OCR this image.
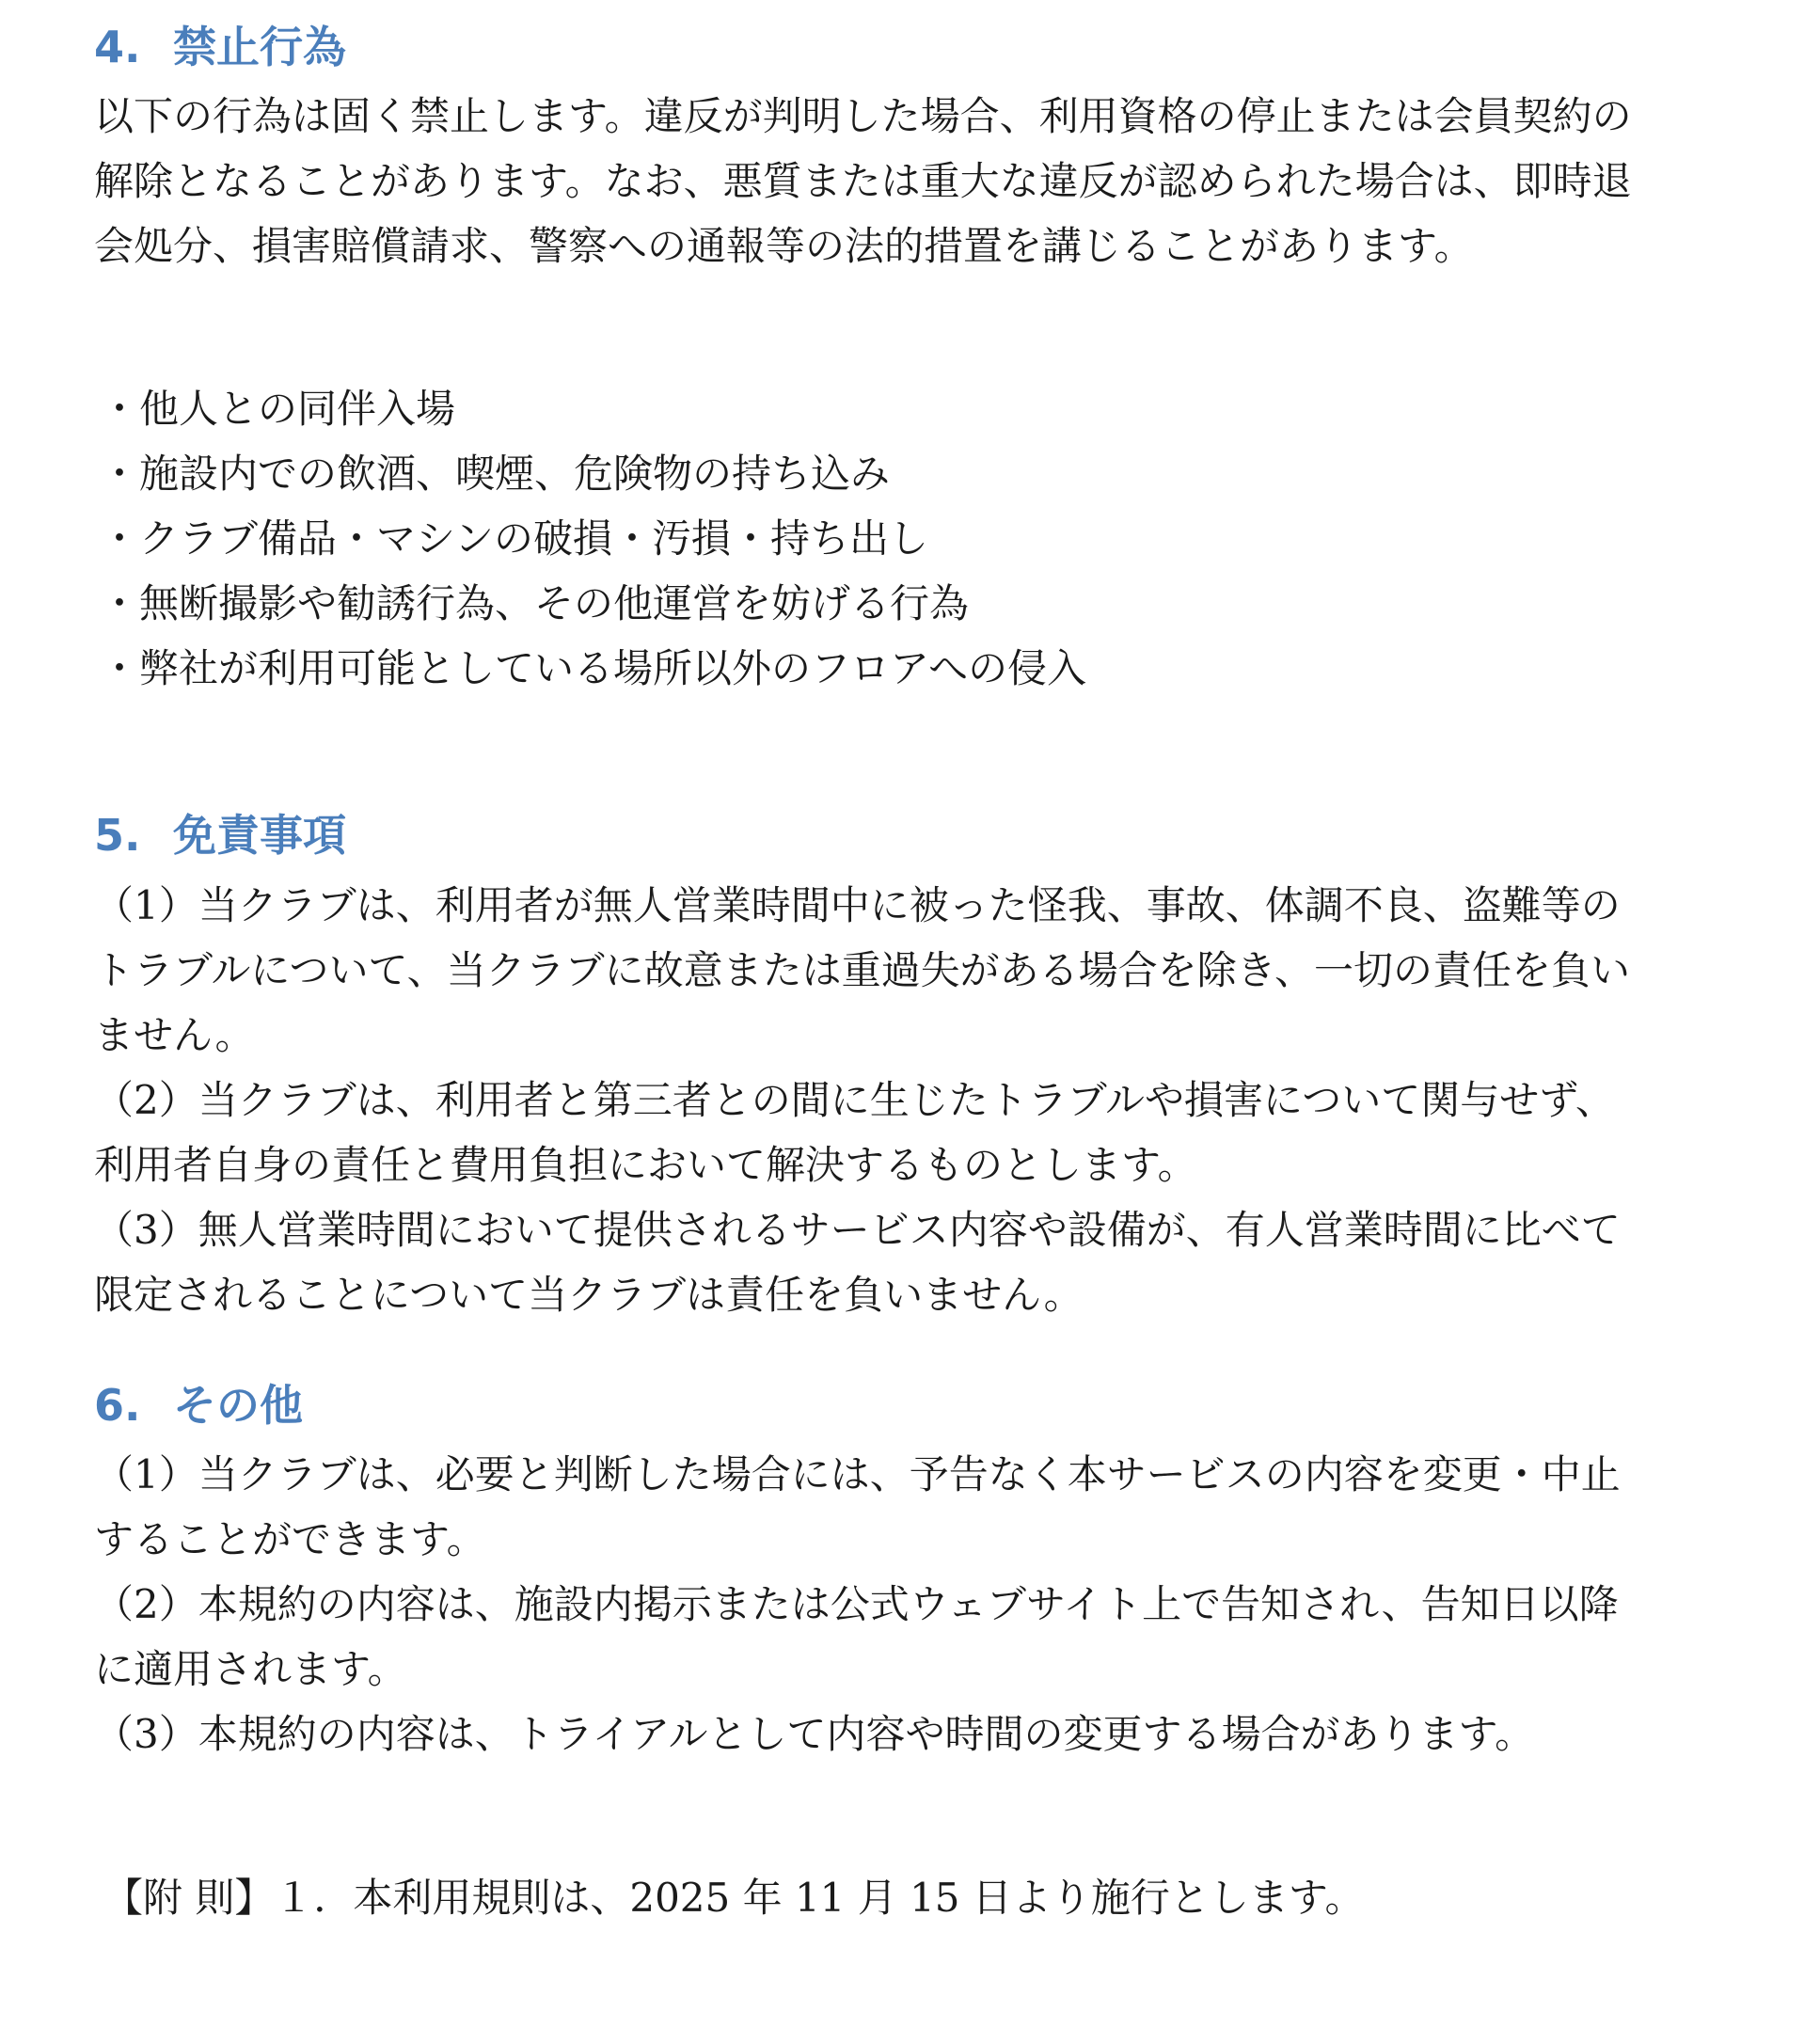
4. 禁止行為

以下の行為は固く禁止します。違反が判明した場合、利用資格の停止または会員契約の

解除となることがあります。なお、悪質または重大な違反が認められた場合は、即時退

会処分、損害賠償請求、警察への通報等の法的措置を講じることがあります。

・他人との同伴入場

・施設内での飲酒、喫煙、危険物の持ち込み

・クラブ備品・マシンの破損・汚損・持ち出し

・無断撮影や勧誘行為、その他運営を妨げる行為

・弊社が利用可能としている場所以外のフロアへの侵入

5. 免責事項

（1）当クラブは、利用者が無人営業時間中に被った怪我、事故、体調不良、盗難等の

トラブルについて、当クラブに故意または重過失がある場合を除き、一切の責任を負い

ません。

（2）当クラブは、利用者と第三者との間に生じたトラブルや損害について関与せず、

利用者自身の責任と費用負担において解決するものとします。

（3）無人営業時間において提供されるサービス内容や設備が、有人営業時間に比べて

限定されることについて当クラブは責任を負いません。

6. その他

（1）当クラブは、必要と判断した場合には、予告なく本サービスの内容を変更・中止

することができます。

（2）本規約の内容は、施設内掲示または公式ウェブサイト上で告知され、告知日以降

に適用されます。

（3）本規約の内容は、トライアルとして内容や時間の変更する場合があります。

【附 則】１．本利用規則は、2025 年 11 月 15 日より施行とします。
